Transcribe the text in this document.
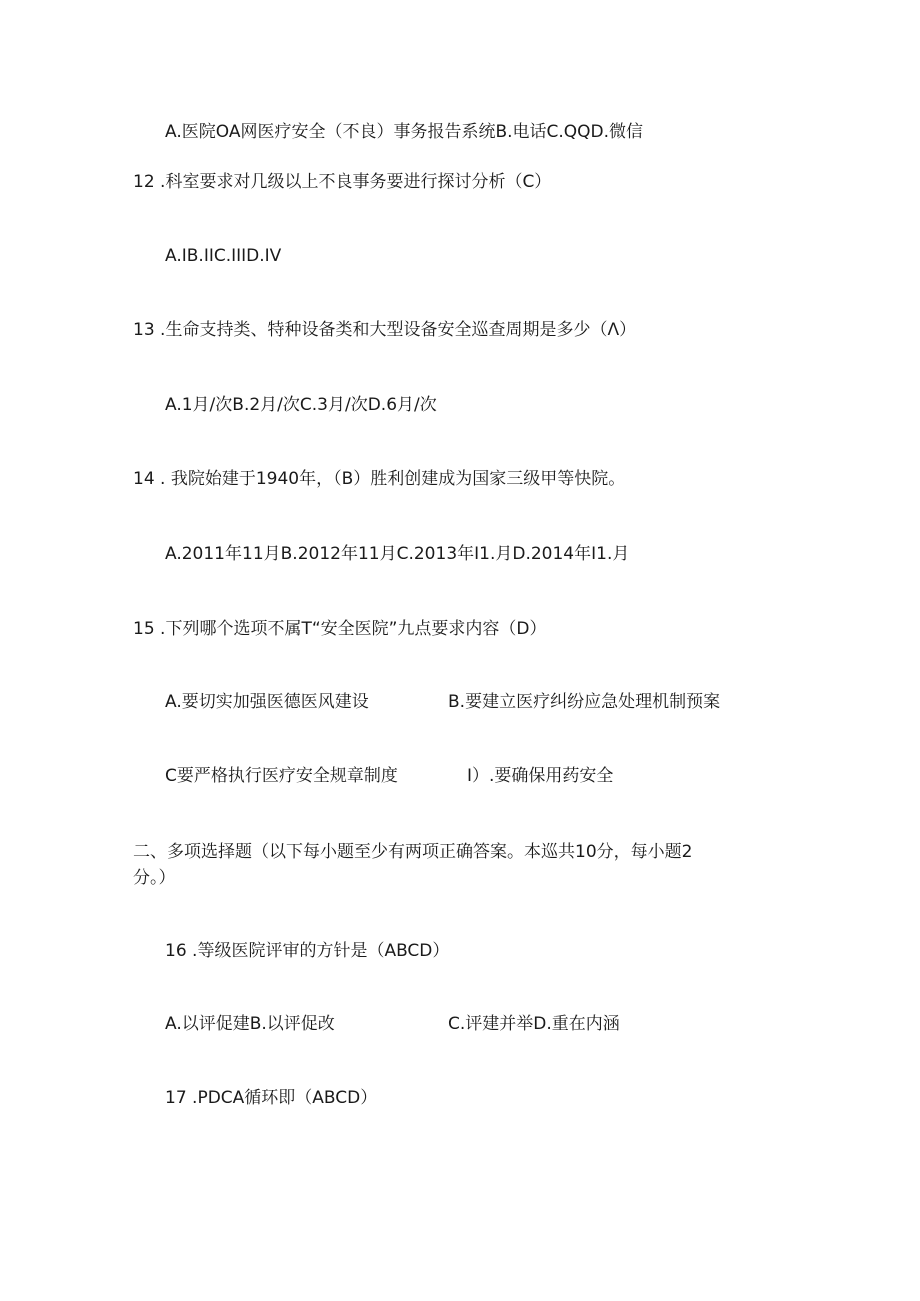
A.医院OA网医疗安全（不良）事务报告系统B.电话C.QQD.微信
12 .科室要求对几级以上不良事务要进行探讨分析（C）
A.IB.IIC.IIID.IV
13 .生命支持类、特种设备类和大型设备安全巡查周期是多少（Λ）
A.1月/次B.2月/次C.3月/次D.6月/次
14 . 我院始建于1940年，（B）胜利创建成为国家三级甲等快院。
A.2011年11月B.2012年11月C.2013年I1.月D.2014年I1.月
15 .下列哪个选项不属T“安全医院”九点要求内容（D）
A.要切实加强医德医风建设	B.要建立医疗纠纷应急处理机制预案
C要严格执行医疗安全规章制度	I）.要确保用药安全
二、多项选择题（以下每小题至少有两项正确答案。本巡共10分，每小题2
分。）
16 .等级医院评审的方针是（ABCD）
A.以评促建B.以评促改	C.评建并举D.重在内涵
17 .PDCA循环即（ABCD）
